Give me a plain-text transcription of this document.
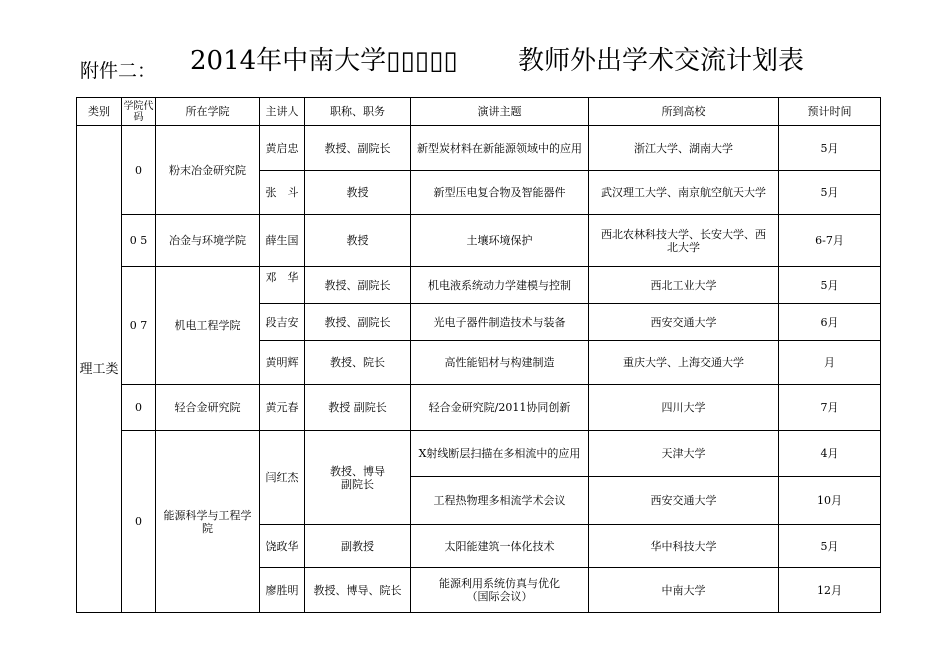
附件二： 2014年中南大学▯▯▯▯▯ 教师外出学术交流计划表
类别	学院代码	所在学院	主讲人	职称、职务	演讲主题	所到高校	预计时间
理工类	0	粉末冶金研究院	黄启忠	教授、副院长	新型炭材料在新能源领域中的应用	浙江大学、湖南大学	5月
			张　斗	教授	新型压电复合物及智能器件	武汉理工大学、南京航空航天大学	5月
	0 5	冶金与环境学院	薛生国	教授	土壤环境保护	西北农林科技大学、长安大学、西北大学	6-7月
	0 7	机电工程学院	邓　华	教授、副院长	机电液系统动力学建模与控制	西北工业大学	5月
			段吉安	教授、副院长	光电子器件制造技术与装备	西安交通大学	6月
			黄明辉	教授、院长	高性能铝材与构建制造	重庆大学、上海交通大学	月
	0	轻合金研究院	黄元春	教授 副院长	轻合金研究院/2011协同创新	四川大学	7月
	0	能源科学与工程学院	闫红杰	教授、博导
副院长	X射线断层扫描在多相流中的应用	天津大学	4月
					工程热物理多相流学术会议	西安交通大学	10月
			饶政华	副教授	太阳能建筑一体化技术	华中科技大学	5月
			廖胜明	教授、博导、院长	能源利用系统仿真与优化
（国际会议）	中南大学	12月
